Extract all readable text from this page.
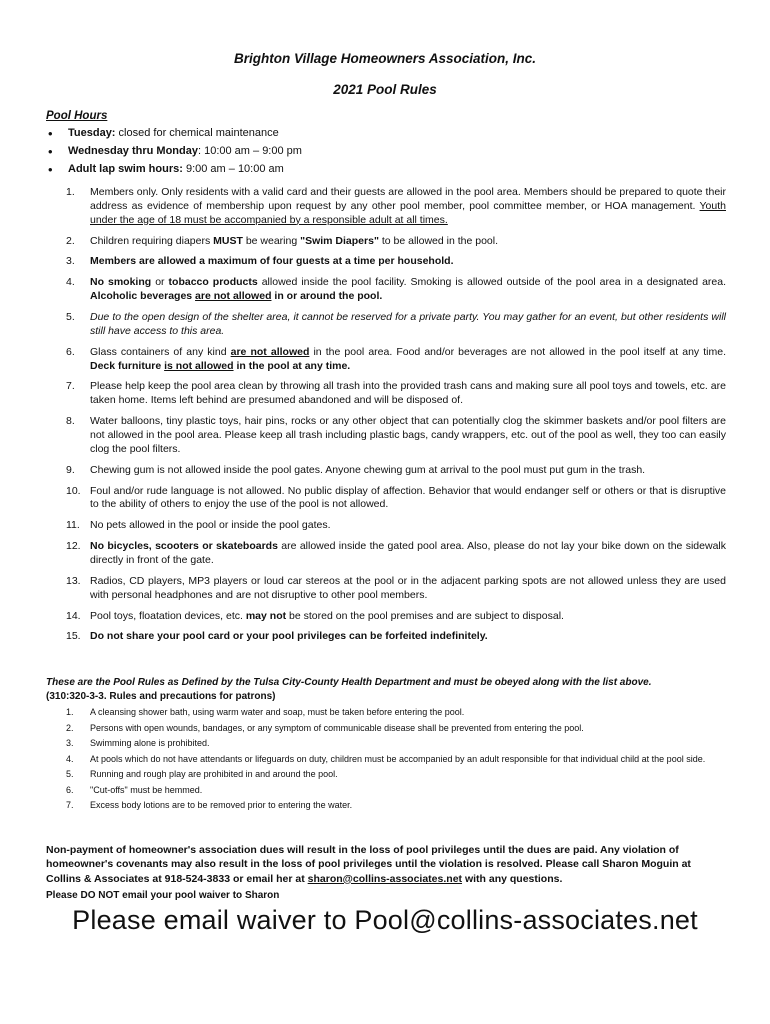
Brighton Village Homeowners Association, Inc.
2021 Pool Rules
Pool Hours
• Tuesday: closed for chemical maintenance
• Wednesday thru Monday: 10:00 am – 9:00 pm
• Adult lap swim hours: 9:00 am – 10:00 am
1. Members only. Only residents with a valid card and their guests are allowed in the pool area. Members should be prepared to quote their address as evidence of membership upon request by any other pool member, pool committee member, or HOA management. Youth under the age of 18 must be accompanied by a responsible adult at all times.
2. Children requiring diapers MUST be wearing "Swim Diapers" to be allowed in the pool.
3. Members are allowed a maximum of four guests at a time per household.
4. No smoking or tobacco products allowed inside the pool facility. Smoking is allowed outside of the pool area in a designated area. Alcoholic beverages are not allowed in or around the pool.
5. Due to the open design of the shelter area, it cannot be reserved for a private party. You may gather for an event, but other residents will still have access to this area.
6. Glass containers of any kind are not allowed in the pool area. Food and/or beverages are not allowed in the pool itself at any time. Deck furniture is not allowed in the pool at any time.
7. Please help keep the pool area clean by throwing all trash into the provided trash cans and making sure all pool toys and towels, etc. are taken home. Items left behind are presumed abandoned and will be disposed of.
8. Water balloons, tiny plastic toys, hair pins, rocks or any other object that can potentially clog the skimmer baskets and/or pool filters are not allowed in the pool area. Please keep all trash including plastic bags, candy wrappers, etc. out of the pool as well, they too can easily clog the pool filters.
9. Chewing gum is not allowed inside the pool gates. Anyone chewing gum at arrival to the pool must put gum in the trash.
10. Foul and/or rude language is not allowed. No public display of affection. Behavior that would endanger self or others or that is disruptive to the ability of others to enjoy the use of the pool is not allowed.
11. No pets allowed in the pool or inside the pool gates.
12. No bicycles, scooters or skateboards are allowed inside the gated pool area. Also, please do not lay your bike down on the sidewalk directly in front of the gate.
13. Radios, CD players, MP3 players or loud car stereos at the pool or in the adjacent parking spots are not allowed unless they are used with personal headphones and are not disruptive to other pool members.
14. Pool toys, floatation devices, etc. may not be stored on the pool premises and are subject to disposal.
15. Do not share your pool card or your pool privileges can be forfeited indefinitely.
These are the Pool Rules as Defined by the Tulsa City-County Health Department and must be obeyed along with the list above.
(310:320-3-3. Rules and precautions for patrons)
1. A cleansing shower bath, using warm water and soap, must be taken before entering the pool.
2. Persons with open wounds, bandages, or any symptom of communicable disease shall be prevented from entering the pool.
3. Swimming alone is prohibited.
4. At pools which do not have attendants or lifeguards on duty, children must be accompanied by an adult responsible for that individual child at the pool side.
5. Running and rough play are prohibited in and around the pool.
6. "Cut-offs" must be hemmed.
7. Excess body lotions are to be removed prior to entering the water.
Non-payment of homeowner's association dues will result in the loss of pool privileges until the dues are paid. Any violation of homeowner's covenants may also result in the loss of pool privileges until the violation is resolved. Please call Sharon Moguin at Collins & Associates at 918-524-3833 or email her at sharon@collins-associates.net with any questions.
Please DO NOT email your pool waiver to Sharon
Please email waiver to Pool@collins-associates.net
